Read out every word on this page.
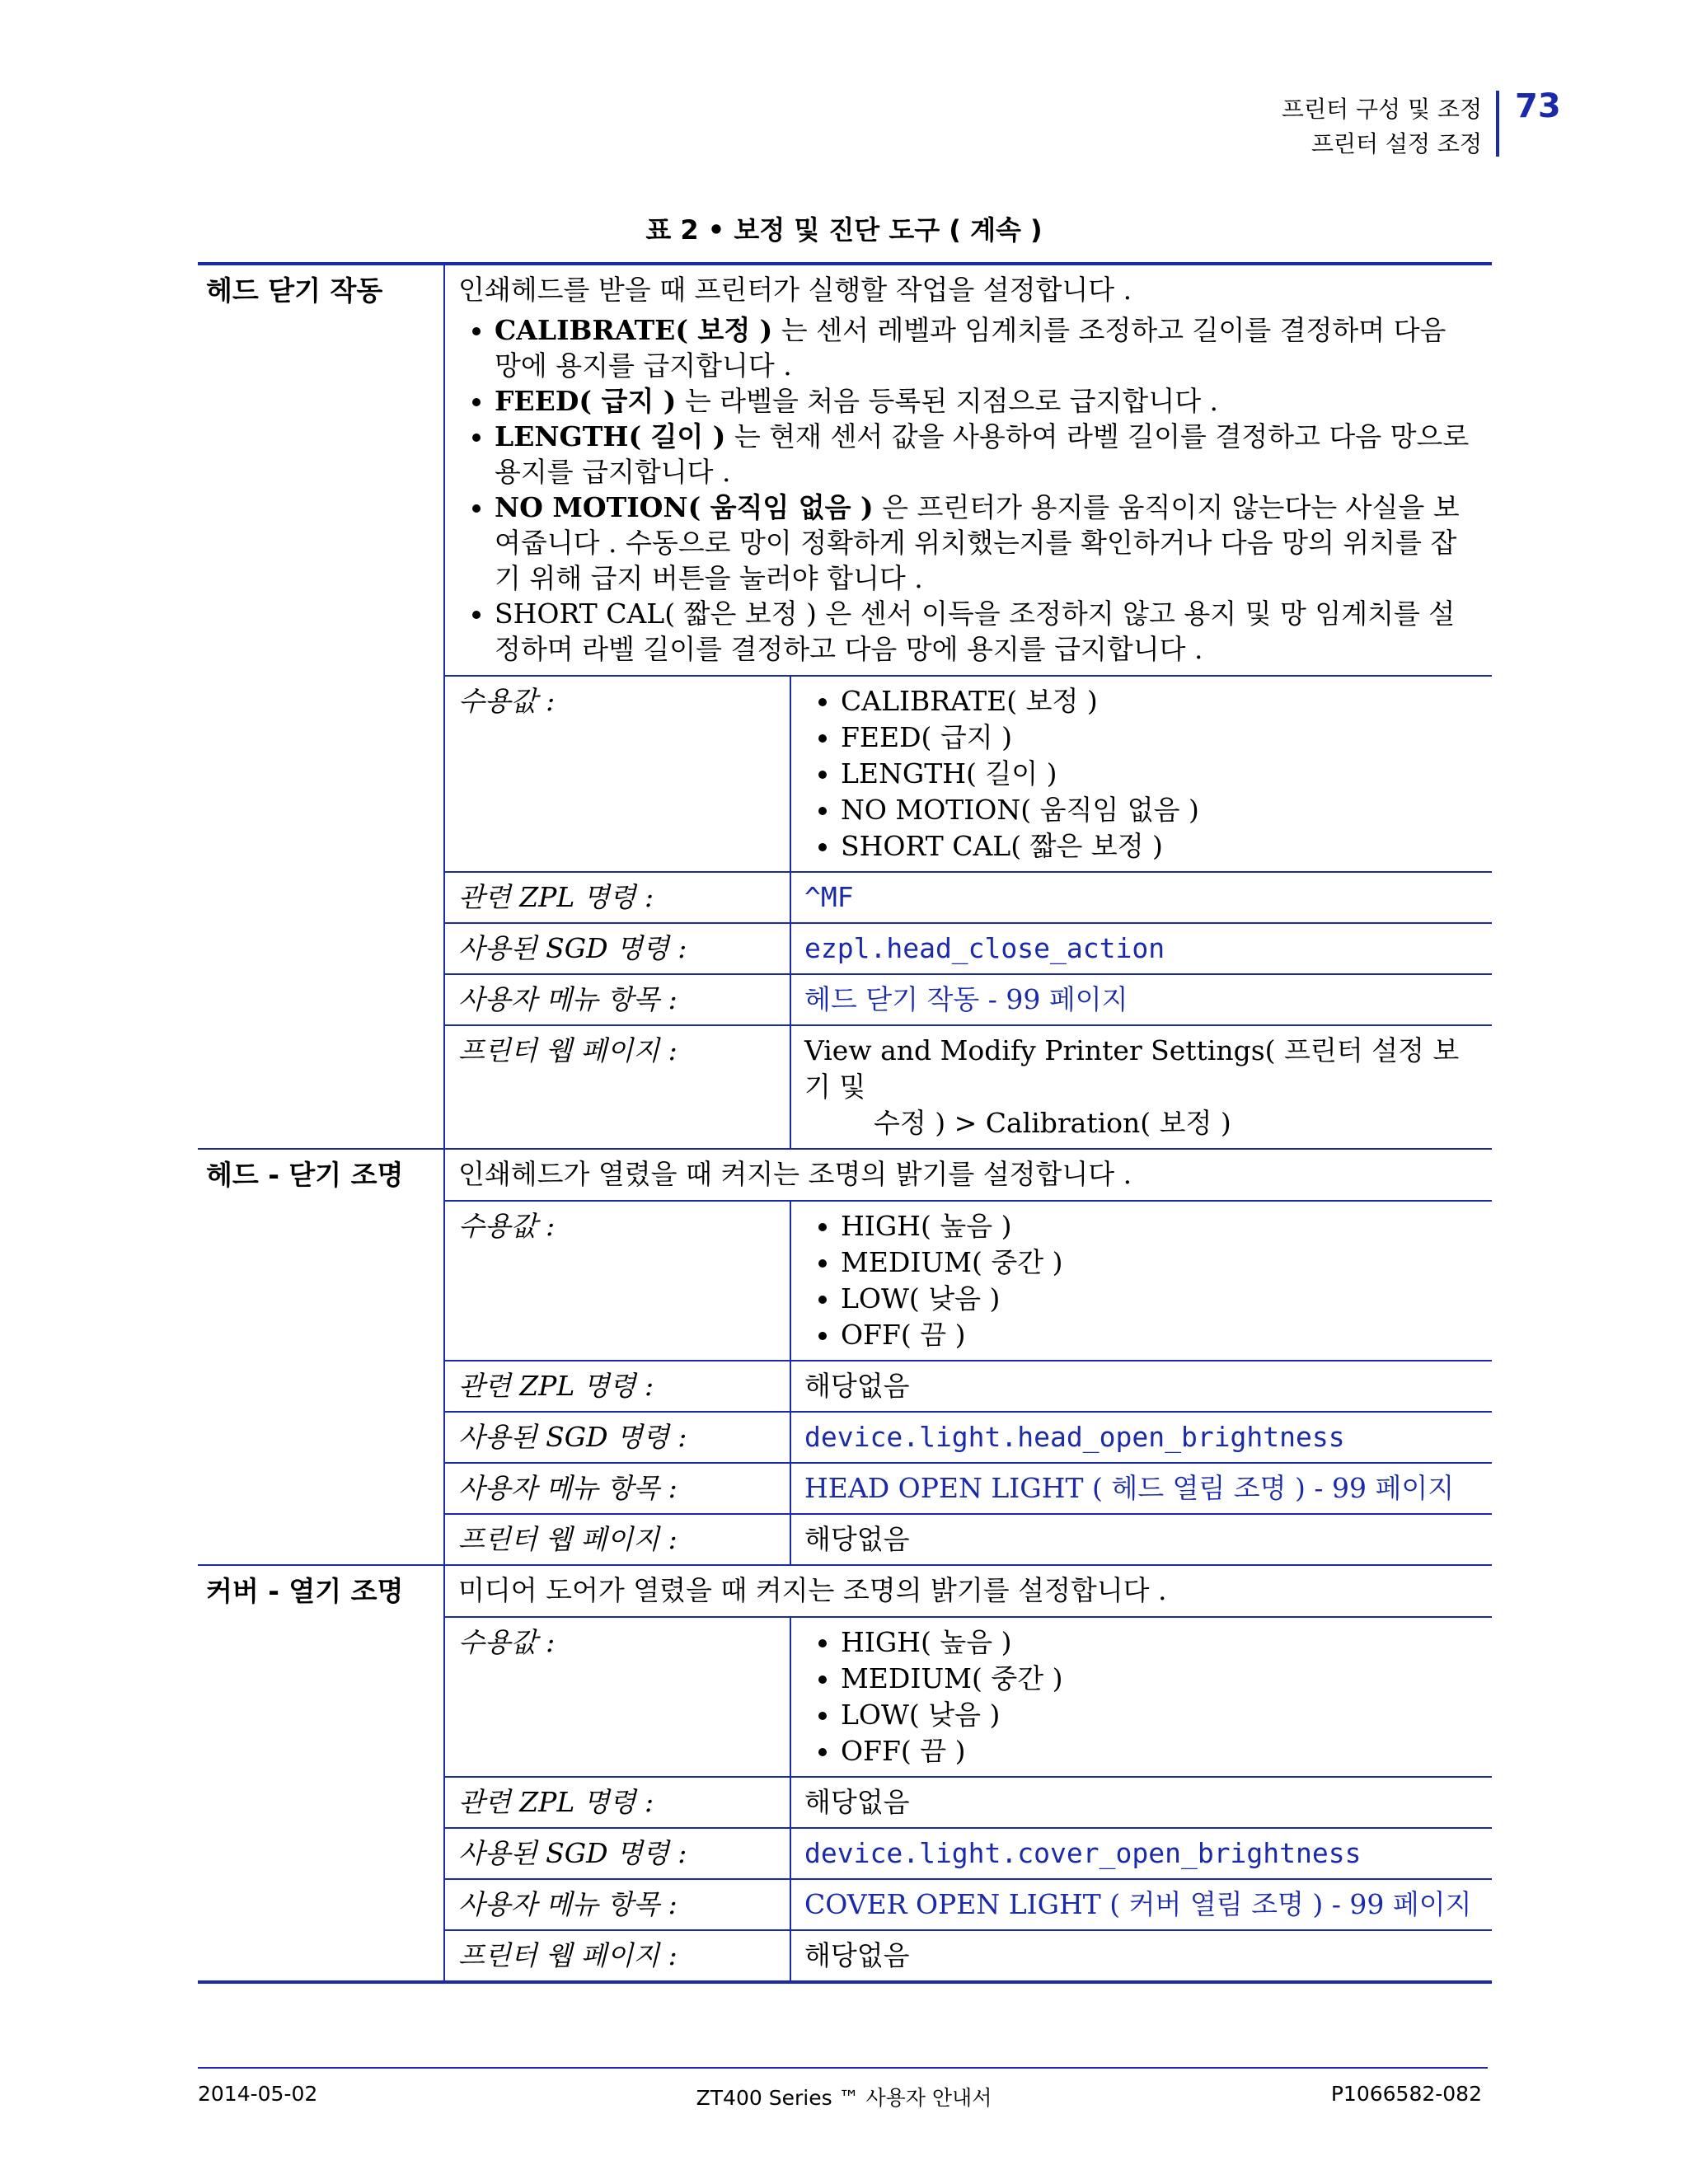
프린터 구성 및 조정
프린터 설정 조정
73
표 2 • 보정 및 진단 도구 ( 계속 )
헤드 닫기 작동	인쇄헤드를 받을 때 프린터가 실행할 작업을 설정합니다 .
• CALIBRATE( 보정 ) 는 센서 레벨과 임계치를 조정하고 길이를 결정하며 다음 망에 용지를 급지합니다 .
• FEED( 급지 ) 는 라벨을 처음 등록된 지점으로 급지합니다 .
• LENGTH( 길이 ) 는 현재 센서 값을 사용하여 라벨 길이를 결정하고 다음 망으로 용지를 급지합니다 .
• NO MOTION( 움직임 없음 ) 은 프린터가 용지를 움직이지 않는다는 사실을 보여줍니다 . 수동으로 망이 정확하게 위치했는지를 확인하거나 다음 망의 위치를 잡기 위해 급지 버튼을 눌러야 합니다 .
• SHORT CAL( 짧은 보정 ) 은 센서 이득을 조정하지 않고 용지 및 망 임계치를 설정하며 라벨 길이를 결정하고 다음 망에 용지를 급지합니다 .
수용값 :	• CALIBRATE( 보정 )
• FEED( 급지 )
• LENGTH( 길이 )
• NO MOTION( 움직임 없음 )
• SHORT CAL( 짧은 보정 )
관련 ZPL 명령 :	^MF
사용된 SGD 명령 :	ezpl.head_close_action
사용자 메뉴 항목 :	헤드 닫기 작동 - 99 페이지
프린터 웹 페이지 :	View and Modify Printer Settings( 프린터 설정 보기 및
수정 ) > Calibration( 보정 )
헤드 - 닫기 조명	인쇄헤드가 열렸을 때 켜지는 조명의 밝기를 설정합니다 .
수용값 :	• HIGH( 높음 )
• MEDIUM( 중간 )
• LOW( 낮음 )
• OFF( 끔 )
관련 ZPL 명령 :	해당없음
사용된 SGD 명령 :	device.light.head_open_brightness
사용자 메뉴 항목 :	HEAD OPEN LIGHT ( 헤드 열림 조명 ) - 99 페이지
프린터 웹 페이지 :	해당없음
커버 - 열기 조명	미디어 도어가 열렸을 때 켜지는 조명의 밝기를 설정합니다 .
수용값 :	• HIGH( 높음 )
• MEDIUM( 중간 )
• LOW( 낮음 )
• OFF( 끔 )
관련 ZPL 명령 :	해당없음
사용된 SGD 명령 :	device.light.cover_open_brightness
사용자 메뉴 항목 :	COVER OPEN LIGHT ( 커버 열림 조명 ) - 99 페이지
프린터 웹 페이지 :	해당없음
2014-05-02	ZT400 Series ™ 사용자 안내서	P1066582-082
